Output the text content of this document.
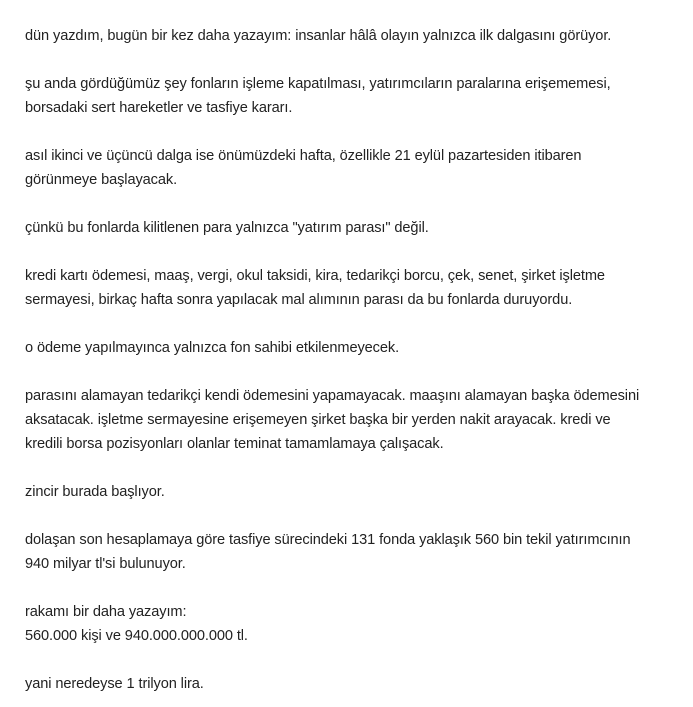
dün yazdım, bugün bir kez daha yazayım: insanlar hâlâ olayın yalnızca ilk dalgasını görüyor.

şu anda gördüğümüz şey fonların işleme kapatılması, yatırımcıların paralarına erişememesi,
borsadaki sert hareketler ve tasfiye kararı.

asıl ikinci ve üçüncü dalga ise önümüzdeki hafta, özellikle 21 eylül pazartesiden itibaren
görünmeye başlayacak.

çünkü bu fonlarda kilitlenen para yalnızca "yatırım parası" değil.

kredi kartı ödemesi, maaş, vergi, okul taksidi, kira, tedarikçi borcu, çek, senet, şirket işletme
sermayesi, birkaç hafta sonra yapılacak mal alımının parası da bu fonlarda duruyordu.

o ödeme yapılmayınca yalnızca fon sahibi etkilenmeyecek.

parasını alamayan tedarikçi kendi ödemesini yapamayacak. maaşını alamayan başka ödemesini
aksatacak. işletme sermayesine erişemeyen şirket başka bir yerden nakit arayacak. kredi ve
kredili borsa pozisyonları olanlar teminat tamamlamaya çalışacak.

zincir burada başlıyor.

dolaşan son hesaplamaya göre tasfiye sürecindeki 131 fonda yaklaşık 560 bin tekil yatırımcının
940 milyar tl'si bulunuyor.

rakamı bir daha yazayım:
560.000 kişi ve 940.000.000.000 tl.

yani neredeyse 1 trilyon lira.
